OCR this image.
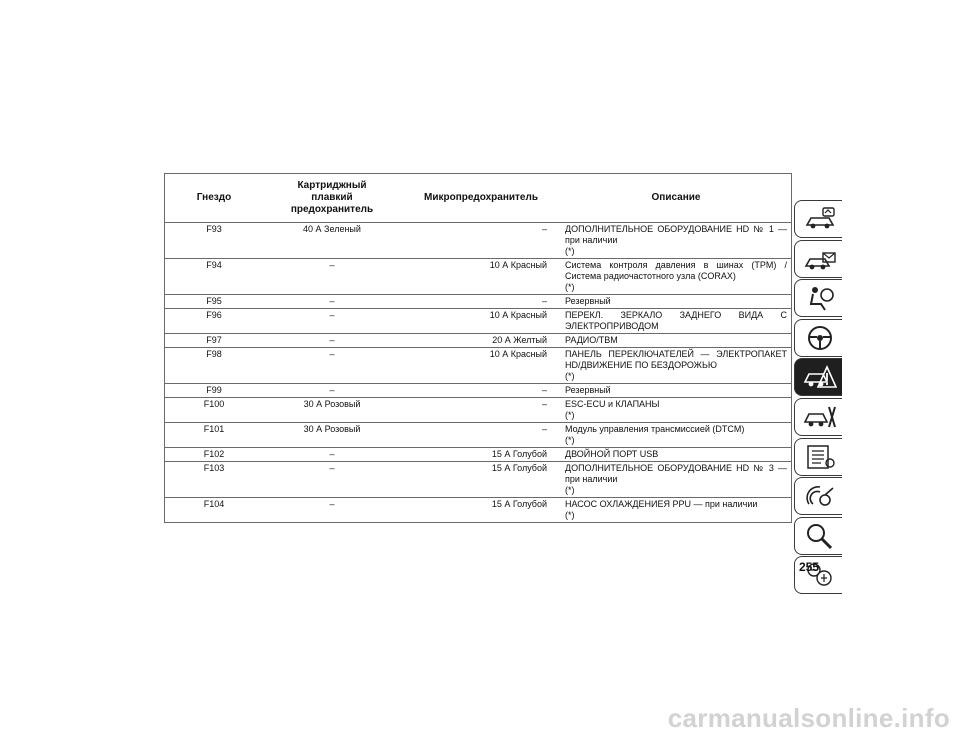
Гнездо	Картриджный
плавкий
предохранитель	Микропредохранитель	Описание
F93	40 А Зеленый	–	ДОПОЛНИТЕЛЬНОЕ ОБОРУДОВАНИЕ HD № 1 —
при наличии
(*)

F94	–	10 А Красный	Система контроля давления в шинах (TPM) /
Система радиочастотного узла (CORAX)
(*)

F95	–	–	Резервный

F96	–	10 А Красный	ПЕРЕКЛ. ЗЕРКАЛО ЗАДНЕГО ВИДА С
ЭЛЕКТРОПРИВОДОМ

F97	–	20 А Желтый	РАДИО/TBM

F98	–	10 А Красный	ПАНЕЛЬ ПЕРЕКЛЮЧАТЕЛЕЙ — ЭЛЕКТРОПАКЕТ
HD/ДВИЖЕНИЕ ПО БЕЗДОРОЖЬЮ
(*)

F99	–	–	Резервный

F100	30 А Розовый	–	ESC-ECU и КЛАПАНЫ
(*)

F101	30 А Розовый	–	Модуль управления трансмиссией (DTCM)
(*)

F102	–	15 А Голубой	ДВОЙНОЙ ПОРТ USB

F103	–	15 А Голубой	ДОПОЛНИТЕЛЬНОЕ ОБОРУДОВАНИЕ HD № 3 —
при наличии
(*)

F104	–	15 А Голубой	НАСОС ОХЛАЖДЕНИЕЯ PPU — при наличии
(*)
255
carmanualsonline.info
